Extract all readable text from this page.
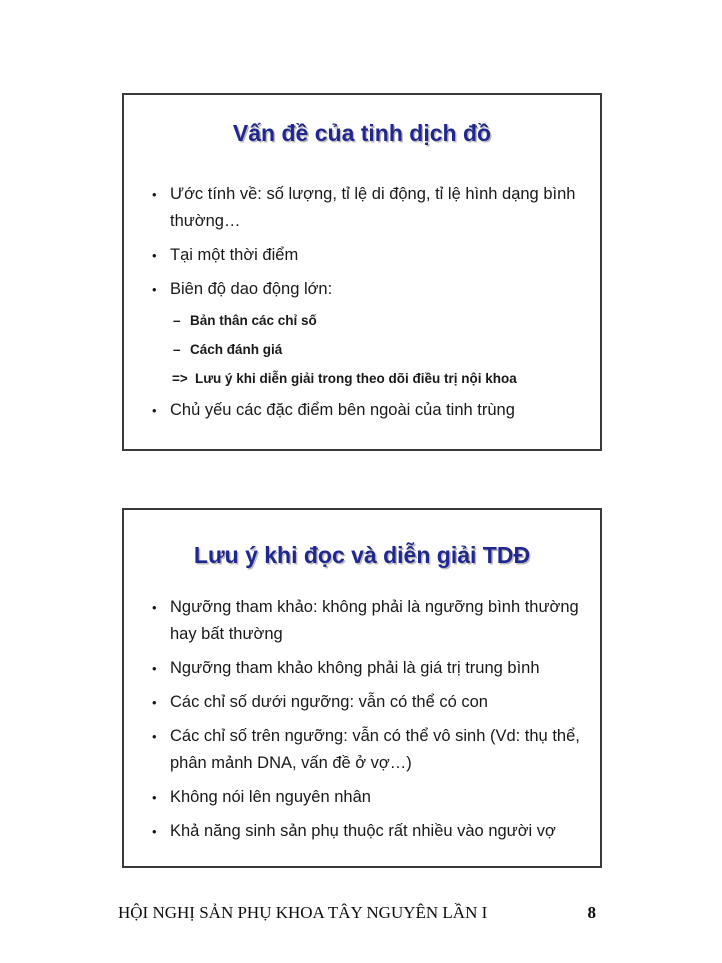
Vấn đề của tinh dịch đồ
• Ước tính về: số lượng, tỉ lệ di động, tỉ lệ hình dạng bình thường…
• Tại một thời điểm
• Biên độ dao động lớn:
– Bản thân các chỉ số
– Cách đánh giá
=> Lưu ý khi diễn giải trong theo dõi điều trị nội khoa
• Chủ yếu các đặc điểm bên ngoài của tinh trùng
Lưu ý khi đọc và diễn giải TDĐ
• Ngưỡng tham khảo: không phải là ngưỡng bình thường hay bất thường
• Ngưỡng tham khảo không phải là giá trị trung bình
• Các chỉ số dưới ngưỡng: vẫn có thể có con
• Các chỉ số trên ngưỡng: vẫn có thể vô sinh (Vd: thụ thể, phân mảnh DNA, vấn đề ở vợ…)
• Không nói lên nguyên nhân
• Khả năng sinh sản phụ thuộc rất nhiều vào người vợ
HỘI NGHỊ SẢN PHỤ KHOA TÂY NGUYÊN LẦN I	8
